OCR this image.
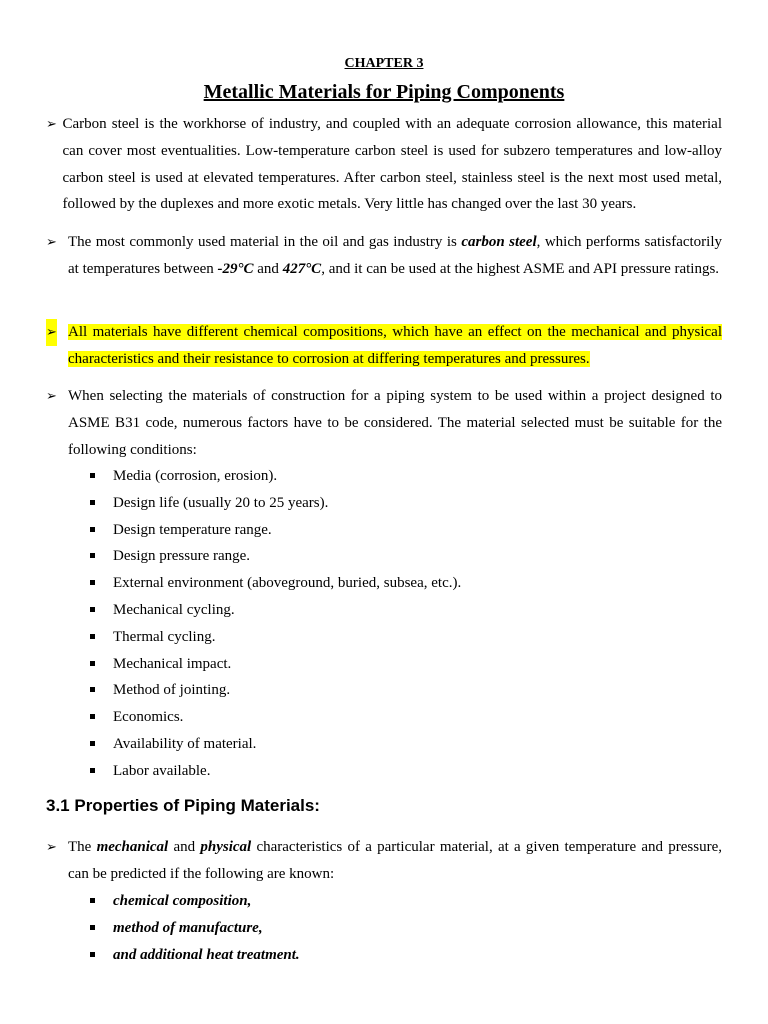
CHAPTER 3
Metallic Materials for Piping Components
➢ Carbon steel is the workhorse of industry, and coupled with an adequate corrosion allowance, this material can cover most eventualities. Low-temperature carbon steel is used for subzero temperatures and low-alloy carbon steel is used at elevated temperatures. After carbon steel, stainless steel is the next most used metal, followed by the duplexes and more exotic metals. Very little has changed over the last 30 years.
➢ The most commonly used material in the oil and gas industry is carbon steel, which performs satisfactorily at temperatures between -29°C and 427°C, and it can be used at the highest ASME and API pressure ratings.
➢ All materials have different chemical compositions, which have an effect on the mechanical and physical characteristics and their resistance to corrosion at differing temperatures and pressures.
➢ When selecting the materials of construction for a piping system to be used within a project designed to ASME B31 code, numerous factors have to be considered. The material selected must be suitable for the following conditions:
Media (corrosion, erosion).
Design life (usually 20 to 25 years).
Design temperature range.
Design pressure range.
External environment (aboveground, buried, subsea, etc.).
Mechanical cycling.
Thermal cycling.
Mechanical impact.
Method of jointing.
Economics.
Availability of material.
Labor available.
3.1 Properties of Piping Materials:
➢ The mechanical and physical characteristics of a particular material, at a given temperature and pressure, can be predicted if the following are known:
chemical composition,
method of manufacture,
and additional heat treatment.
